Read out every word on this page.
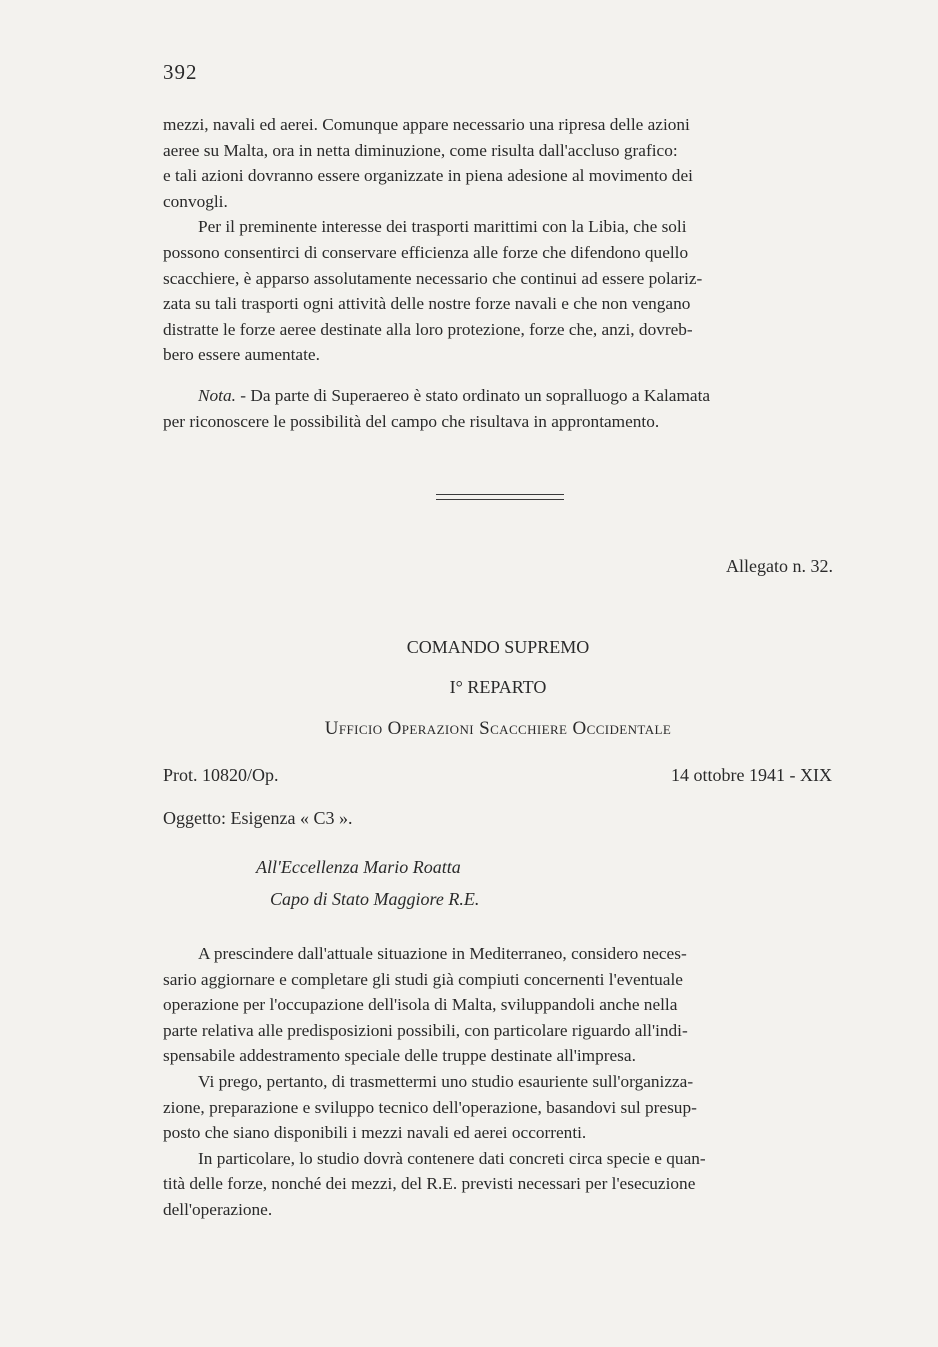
392

mezzi, navali ed aerei. Comunque appare necessario una ripresa delle azioni

aeree su Malta, ora in netta diminuzione, come risulta dall'accluso grafico:

e tali azioni dovranno essere organizzate in piena adesione al movimento dei

convogli.

Per il preminente interesse dei trasporti marittimi con la Libia, che soli

possono consentirci di conservare efficienza alle forze che difendono quello

scacchiere, è apparso assolutamente necessario che continui ad essere polariz-

zata su tali trasporti ogni attività delle nostre forze navali e che non vengano

distratte le forze aeree destinate alla loro protezione, forze che, anzi, dovreb-

bero essere aumentate.

Nota. - Da parte di Superaereo è stato ordinato un sopralluogo a Kalamata

per riconoscere le possibilità del campo che risultava in approntamento.

Allegato n. 32.
COMANDO SUPREMO
I° REPARTO
Ufficio Operazioni Scacchiere Occidentale
Prot. 10820/Op.	14 ottobre 1941 - XIX
Oggetto: Esigenza « C3 ».
All'Eccellenza Mario Roatta
Capo di Stato Maggiore R.E.

A prescindere dall'attuale situazione in Mediterraneo, considero neces-

sario aggiornare e completare gli studi già compiuti concernenti l'eventuale

operazione per l'occupazione dell'isola di Malta, sviluppandoli anche nella

parte relativa alle predisposizioni possibili, con particolare riguardo all'indi-

spensabile addestramento speciale delle truppe destinate all'impresa.

Vi prego, pertanto, di trasmettermi uno studio esauriente sull'organizza-

zione, preparazione e sviluppo tecnico dell'operazione, basandovi sul presup-

posto che siano disponibili i mezzi navali ed aerei occorrenti.

In particolare, lo studio dovrà contenere dati concreti circa specie e quan-

tità delle forze, nonché dei mezzi, del R.E. previsti necessari per l'esecuzione

dell'operazione.
